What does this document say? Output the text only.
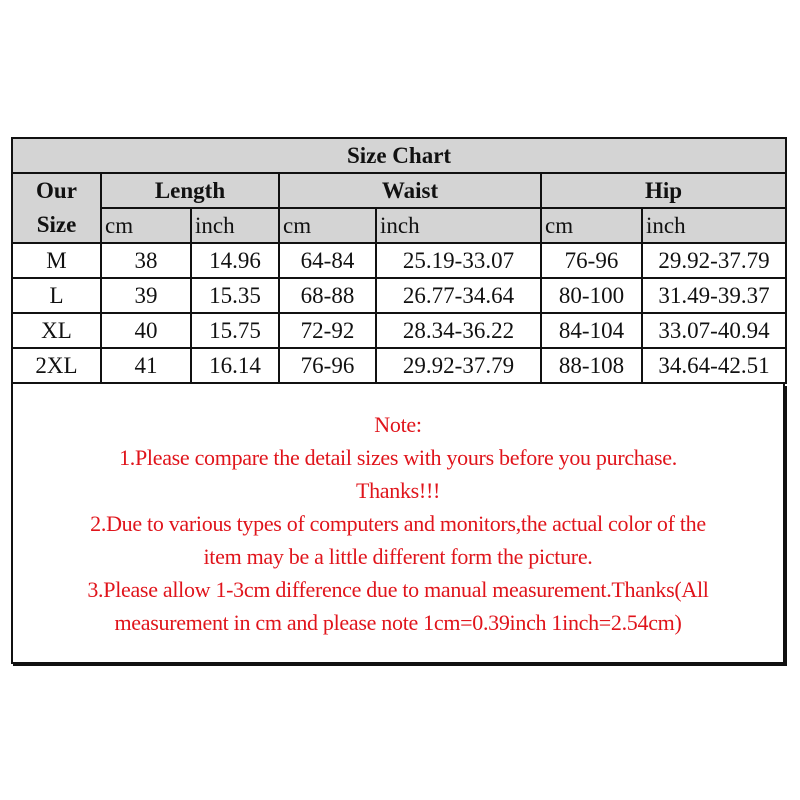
Size Chart						
Our
Size	Length		Waist		Hip	
	cm	inch	cm	inch	cm	inch
M	38	14.96	64-84	25.19-33.07	76-96	29.92-37.79
L	39	15.35	68-88	26.77-34.64	80-100	31.49-39.37
XL	40	15.75	72-92	28.34-36.22	84-104	33.07-40.94
2XL	41	16.14	76-96	29.92-37.79	88-108	34.64-42.51
Note:
1.Please compare the detail sizes with yours before you purchase.
Thanks!!!
2.Due to various types of computers and monitors,the actual color of the
item may be a little different form the picture.
3.Please allow 1-3cm difference due to manual measurement.Thanks(All
measurement in cm and please note 1cm=0.39inch 1inch=2.54cm)
